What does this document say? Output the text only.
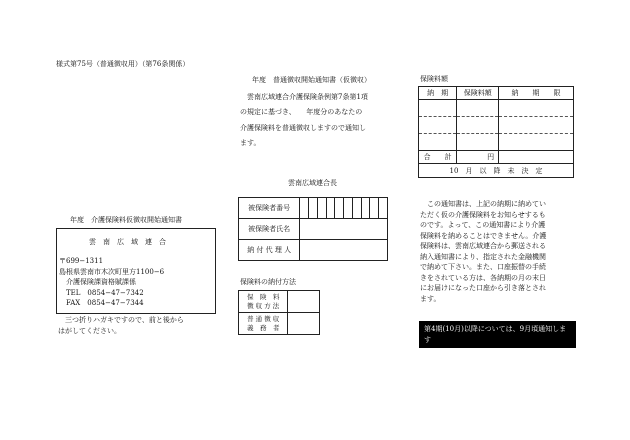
様式第75号（普通徴収用）（第76条関係）
年度　普通徴収開始通知書（仮徴収）
　雲南広域連合介護保険条例第7条第1項
の規定に基づき、　　年度分のあなたの
介護保険料を普通徴収しますので通知し
ます。
雲南広域連合長
被保険者番号										
被保険者氏名										
納 付 代 理 人										
保険料の納付方法
保　険　料
徴 収 方 法	
普 通 徴 収
義　務　者	
保険料額
納　期	保険料額	納　　期　　限

合　　計	円	
10　月　以　降　未　決　定		
　この通知書は、上記の納期に納めてい
ただく仮の介護保険料をお知らせするも
のです。よって、この通知書により介護
保険料を納めることはできません。介護
保険料は、雲南広域連合から郵送される
納入通知書により、指定された金融機関
で納めて下さい。また、口座振替の手続
きをされている方は、各納期の月の末日
にお届けになった口座から引き落とされ
ます。
第4期(10月)以降については、9月頃通知します
年度　介護保険料仮徴収開始通知書
雲　南　広　域　連　合
〒699−1311
島根県雲南市木次町里方1100−6
　介護保険課資格賦課係
　TEL　0854−47−7342
　FAX　0854−47−7344
　三つ折りハガキですので、前と後から
はがしてください。
